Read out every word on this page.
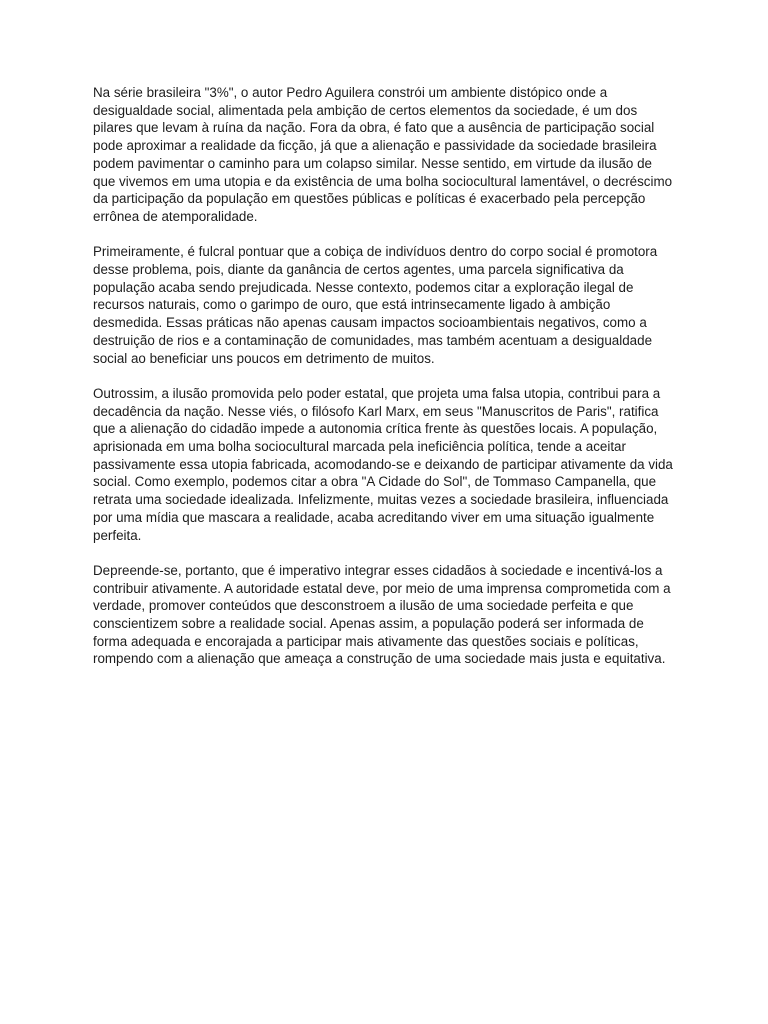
Na série brasileira "3%", o autor Pedro Aguilera constrói um ambiente distópico onde a desigualdade social, alimentada pela ambição de certos elementos da sociedade, é um dos pilares que levam à ruína da nação. Fora da obra, é fato que a ausência de participação social pode aproximar a realidade da ficção, já que a alienação e passividade da sociedade brasileira podem pavimentar o caminho para um colapso similar. Nesse sentido, em virtude da ilusão de que vivemos em uma utopia e da existência de uma bolha sociocultural lamentável, o decréscimo da participação da população em questões públicas e políticas é exacerbado pela percepção errônea de atemporalidade.

Primeiramente, é fulcral pontuar que a cobiça de indivíduos dentro do corpo social é promotora desse problema, pois, diante da ganância de certos agentes, uma parcela significativa da população acaba sendo prejudicada. Nesse contexto, podemos citar a exploração ilegal de recursos naturais, como o garimpo de ouro, que está intrinsecamente ligado à ambição desmedida. Essas práticas não apenas causam impactos socioambientais negativos, como a destruição de rios e a contaminação de comunidades, mas também acentuam a desigualdade social ao beneficiar uns poucos em detrimento de muitos.

Outrossim, a ilusão promovida pelo poder estatal, que projeta uma falsa utopia, contribui para a decadência da nação. Nesse viés, o filósofo Karl Marx, em seus "Manuscritos de Paris", ratifica que a alienação do cidadão impede a autonomia crítica frente às questões locais. A população, aprisionada em uma bolha sociocultural marcada pela ineficiência política, tende a aceitar passivamente essa utopia fabricada, acomodando-se e deixando de participar ativamente da vida social. Como exemplo, podemos citar a obra "A Cidade do Sol", de Tommaso Campanella, que retrata uma sociedade idealizada. Infelizmente, muitas vezes a sociedade brasileira, influenciada por uma mídia que mascara a realidade, acaba acreditando viver em uma situação igualmente perfeita.

Depreende-se, portanto, que é imperativo integrar esses cidadãos à sociedade e incentivá-los a contribuir ativamente. A autoridade estatal deve, por meio de uma imprensa comprometida com a verdade, promover conteúdos que desconstroem a ilusão de uma sociedade perfeita e que conscientizem sobre a realidade social. Apenas assim, a população poderá ser informada de forma adequada e encorajada a participar mais ativamente das questões sociais e políticas, rompendo com a alienação que ameaça a construção de uma sociedade mais justa e equitativa.
